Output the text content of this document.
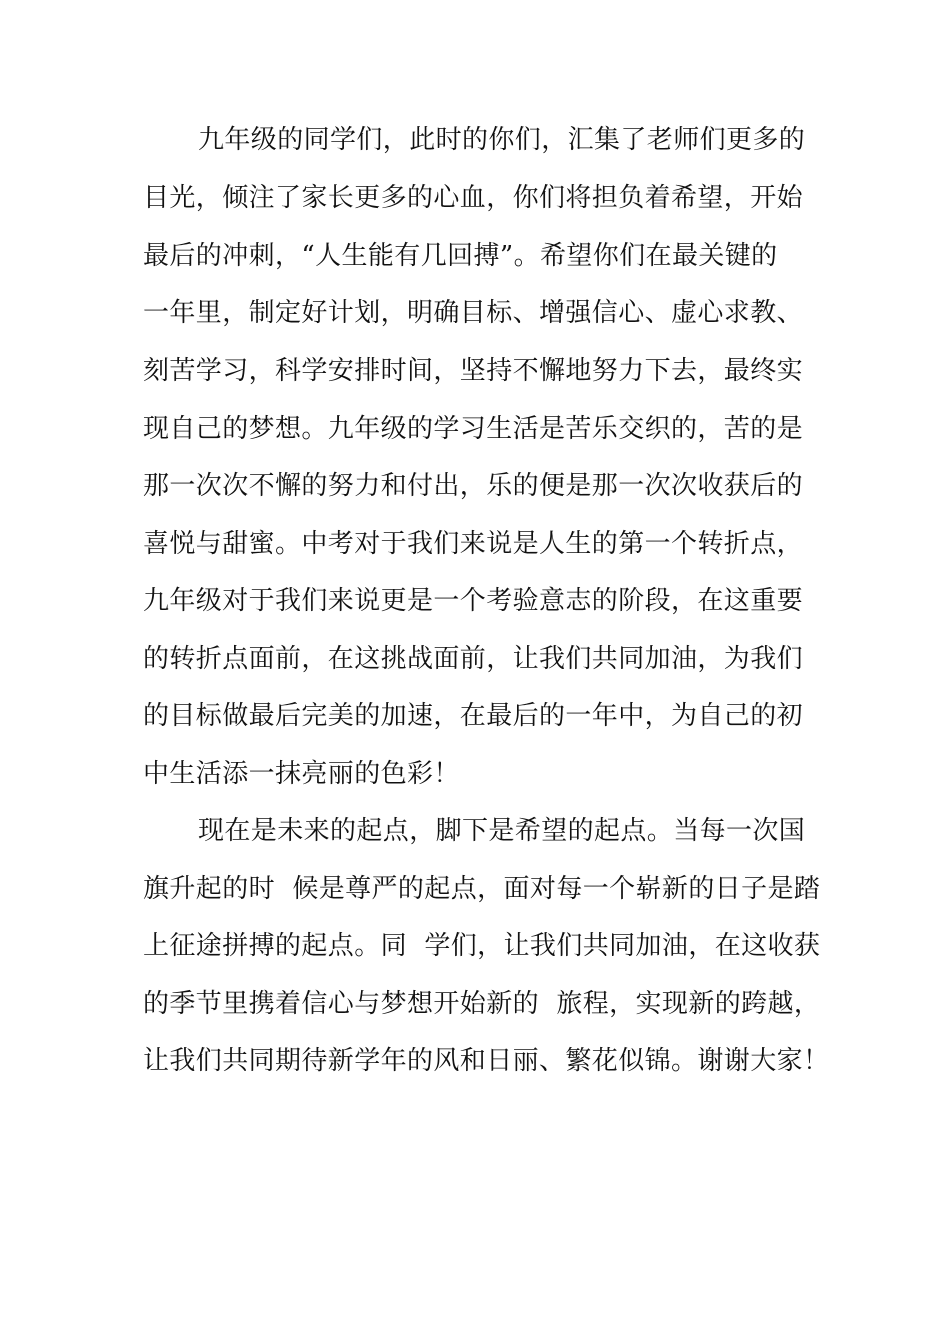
九年级的同学们，此时的你们，汇集了老师们更多的
目光，倾注了家长更多的心血，你们将担负着希望，开始
最后的冲刺，“人生能有几回搏”。希望你们在最关键的
一年里，制定好计划，明确目标、增强信心、虚心求教、
刻苦学习，科学安排时间，坚持不懈地努力下去，最终实
现自己的梦想。九年级的学习生活是苦乐交织的，苦的是
那一次次不懈的努力和付出，乐的便是那一次次收获后的
喜悦与甜蜜。中考对于我们来说是人生的第一个转折点，
九年级对于我们来说更是一个考验意志的阶段，在这重要
的转折点面前，在这挑战面前，让我们共同加油，为我们
的目标做最后完美的加速，在最后的一年中，为自己的初
中生活添一抹亮丽的色彩！
现在是未来的起点，脚下是希望的起点。当每一次国
旗升起的时  候是尊严的起点，面对每一个崭新的日子是踏
上征途拼搏的起点。同  学们，让我们共同加油，在这收获
的季节里携着信心与梦想开始新的  旅程，实现新的跨越，
让我们共同期待新学年的风和日丽、繁花似锦。谢谢大家！
